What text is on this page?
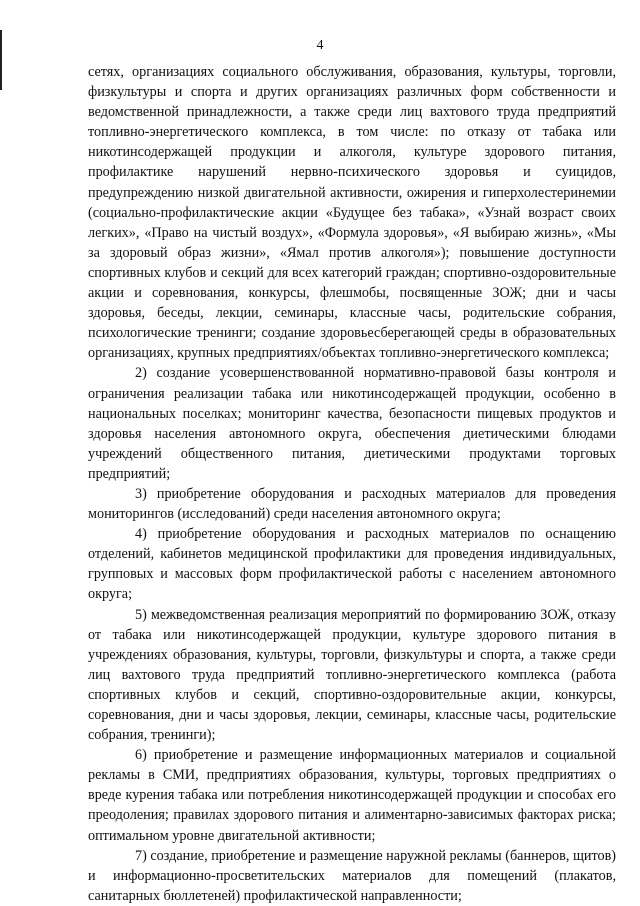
4

сетях, организациях социального обслуживания, образования, культуры, торговли, физкультуры и спорта и других организациях различных форм собственности и ведомственной принадлежности, а также среди лиц вахтового труда предприятий топливно-энергетического комплекса, в том числе: по отказу от табака или никотинсодержащей продукции и алкоголя, культуре здорового питания, профилактике нарушений нервно-психического здоровья и суицидов, предупреждению низкой двигательной активности, ожирения и гиперхолестеринемии (социально-профилактические акции «Будущее без табака», «Узнай возраст своих легких», «Право на чистый воздух», «Формула здоровья», «Я выбираю жизнь», «Мы за здоровый образ жизни», «Ямал против алкоголя»); повышение доступности спортивных клубов и секций для всех категорий граждан; спортивно-оздоровительные акции и соревнования, конкурсы, флешмобы, посвященные ЗОЖ; дни и часы здоровья, беседы, лекции, семинары, классные часы, родительские собрания, психологические тренинги; создание здоровьесберегающей среды в образовательных организациях, крупных предприятиях/объектах топливно-энергетического комплекса;

2) создание усовершенствованной нормативно-правовой базы контроля и ограничения реализации табака или никотинсодержащей продукции, особенно в национальных поселках; мониторинг качества, безопасности пищевых продуктов и здоровья населения автономного округа, обеспечения диетическими блюдами учреждений общественного питания, диетическими продуктами торговых предприятий;

3) приобретение оборудования и расходных материалов для проведения мониторингов (исследований) среди населения автономного округа;

4) приобретение оборудования и расходных материалов по оснащению отделений, кабинетов медицинской профилактики для проведения индивидуальных, групповых и массовых форм профилактической работы с населением автономного округа;

5) межведомственная реализация мероприятий по формированию ЗОЖ, отказу от табака или никотинсодержащей продукции, культуре здорового питания в учреждениях образования, культуры, торговли, физкультуры и спорта, а также среди лиц вахтового труда предприятий топливно-энергетического комплекса (работа спортивных клубов и секций, спортивно-оздоровительные акции, конкурсы, соревнования, дни и часы здоровья, лекции, семинары, классные часы, родительские собрания, тренинги);

6) приобретение и размещение информационных материалов и социальной рекламы в СМИ, предприятиях образования, культуры, торговых предприятиях о вреде курения табака или потребления никотинсодержащей продукции и способах его преодоления; правилах здорового питания и алиментарно-зависимых факторах риска; оптимальном уровне двигательной активности;

7) создание, приобретение и размещение наружной рекламы (баннеров, щитов) и информационно-просветительских материалов для помещений (плакатов, санитарных бюллетеней) профилактической направленности;
